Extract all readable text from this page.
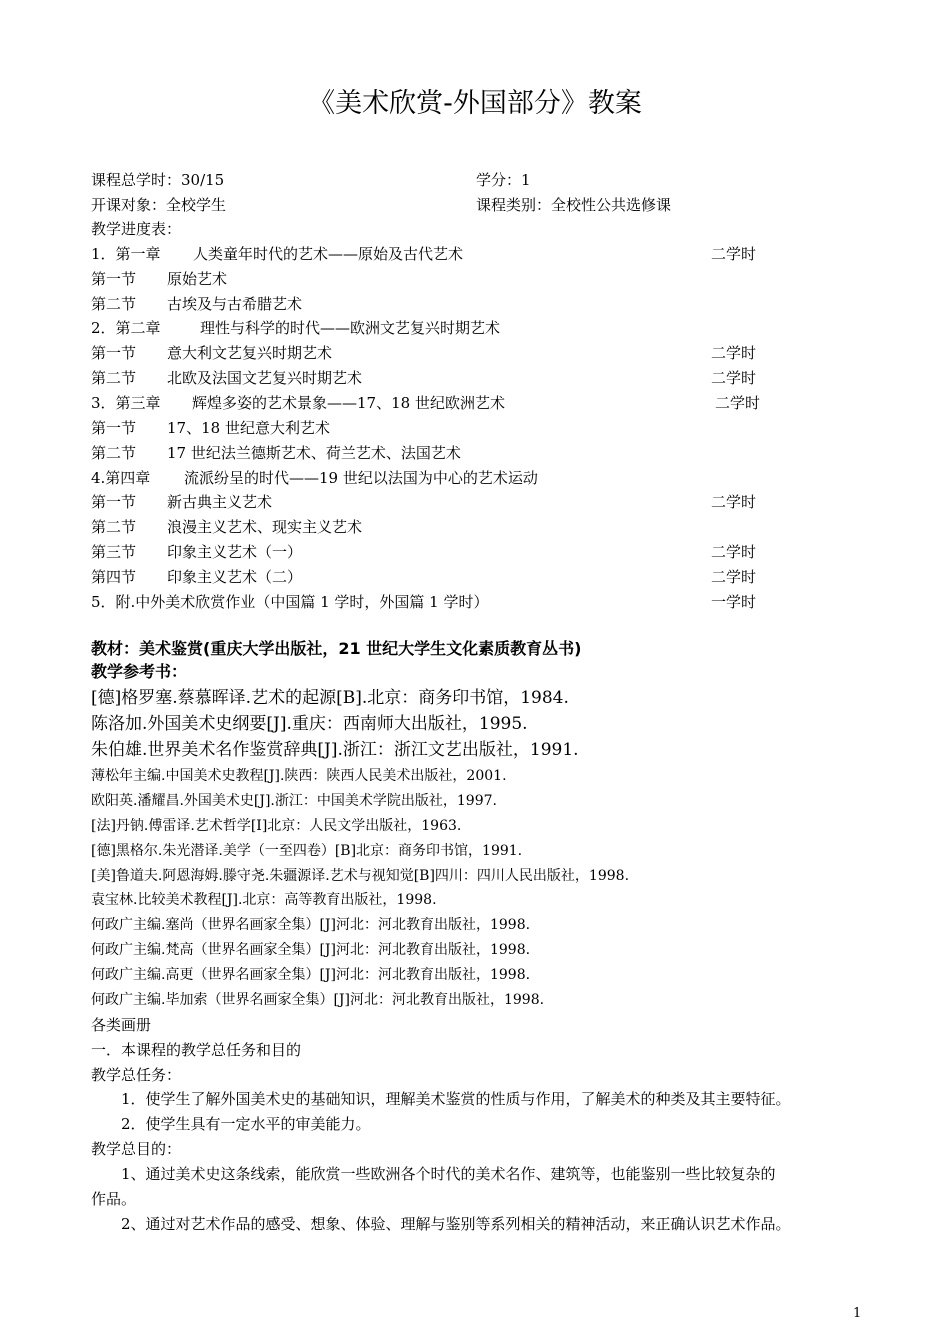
《美术欣赏-外国部分》教案
课程总学时：30/15	学分：1
开课对象：全校学生	课程类别：全校性公共选修课
教学进度表：
1．第一章 人类童年时代的艺术——原始及古代艺术	二学时
第一节 原始艺术
第二节 古埃及与古希腊艺术
2．第二章	理性与科学的时代——欧洲文艺复兴时期艺术
第一节 意大利文艺复兴时期艺术	二学时
第二节 北欧及法国文艺复兴时期艺术	二学时
3．第三章 辉煌多姿的艺术景象——17、18 世纪欧洲艺术	二学时
第一节 17、18 世纪意大利艺术
第二节 17 世纪法兰德斯艺术、荷兰艺术、法国艺术
4.第四章 流派纷呈的时代——19 世纪以法国为中心的艺术运动
第一节 新古典主义艺术	二学时
第二节 浪漫主义艺术、现实主义艺术
第三节 印象主义艺术（一）	二学时
第四节 印象主义艺术（二）	二学时
5．附.中外美术欣赏作业（中国篇 1 学时，外国篇 1 学时）	一学时
教材：美术鉴赏(重庆大学出版社，21 世纪大学生文化素质教育丛书)
教学参考书：
[德]格罗塞.蔡慕晖译.艺术的起源[B].北京：商务印书馆，1984.
陈洛加.外国美术史纲要[J].重庆：西南师大出版社，1995.
朱伯雄.世界美术名作鉴赏辞典[J].浙江：浙江文艺出版社，1991.
薄松年主编.中国美术史教程[J].陕西：陕西人民美术出版社，2001.
欧阳英.潘耀昌.外国美术史[J].浙江：中国美术学院出版社，1997.
[法]丹钠.傅雷译.艺术哲学[I]北京：人民文学出版社，1963.
[德]黑格尔.朱光潜译.美学（一至四卷）[B]北京：商务印书馆，1991.
[美]鲁道夫.阿恩海姆.滕守尧.朱疆源译.艺术与视知觉[B]四川：四川人民出版社，1998.
袁宝林.比较美术教程[J].北京：高等教育出版社，1998.
何政广主编.塞尚（世界名画家全集）[J]河北：河北教育出版社，1998.
何政广主编.梵高（世界名画家全集）[J]河北：河北教育出版社，1998.
何政广主编.高更（世界名画家全集）[J]河北：河北教育出版社，1998.
何政广主编.毕加索（世界名画家全集）[J]河北：河北教育出版社，1998.
各类画册
一．本课程的教学总任务和目的
教学总任务：
1．使学生了解外国美术史的基础知识，理解美术鉴赏的性质与作用，了解美术的种类及其主要特征。
2．使学生具有一定水平的审美能力。
教学总目的：
1、通过美术史这条线索，能欣赏一些欧洲各个时代的美术名作、建筑等，也能鉴别一些比较复杂的
作品。
2、通过对艺术作品的感受、想象、体验、理解与鉴别等系列相关的精神活动，来正确认识艺术作品。
1
